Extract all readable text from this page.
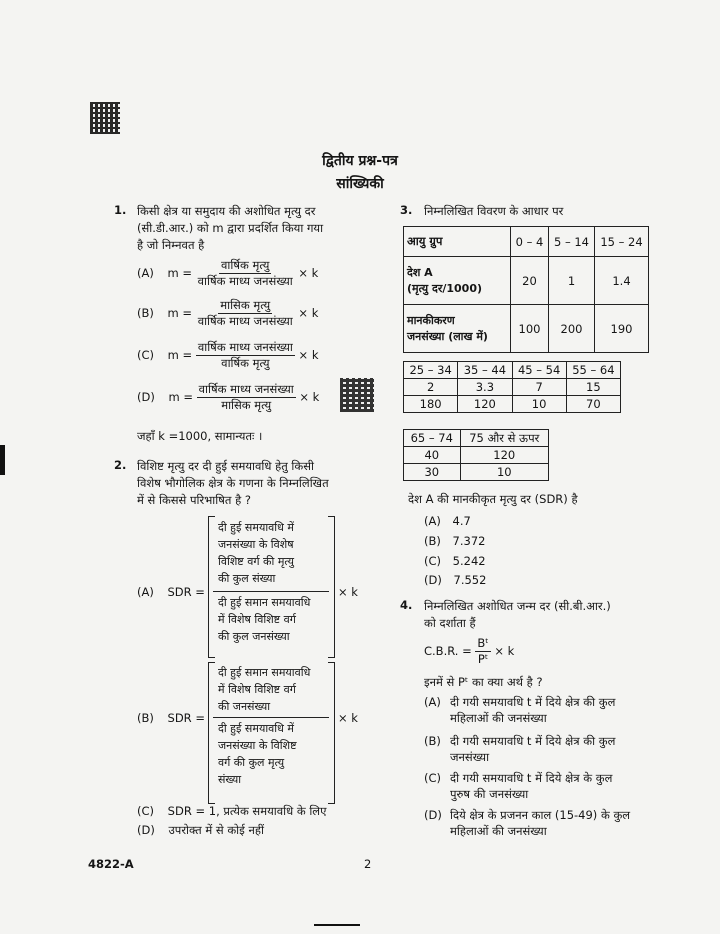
द्वितीय प्रश्न-पत्र
सांख्यिकी
1. किसी क्षेत्र या समुदाय की अशोधित मृत्यु दर
(सी.डी.आर.) को m द्वारा प्रदर्शित किया गया
है जो निम्नवत है
(A) $m = \frac{\text{वार्षिक मृत्यु}}{\text{वार्षिक माध्य जनसंख्या}} \times k$
(B) $m = \frac{\text{मासिक मृत्यु}}{\text{वार्षिक माध्य जनसंख्या}} \times k$
(C) $m = \frac{\text{वार्षिक माध्य जनसंख्या}}{\text{वार्षिक मृत्यु}} \times k$
(D) $m = \frac{\text{वार्षिक माध्य जनसंख्या}}{\text{मासिक मृत्यु}} \times k$
जहाँ k =1000, सामान्यतः ।
2. विशिष्ट मृत्यु दर दी हुई समयावधि हेतु किसी
विशेष भौगोलिक क्षेत्र के गणना के निम्नलिखित
में से किससे परिभाषित है ?
(A) SDR =
दी हुई समयावधि में
जनसंख्या के विशेष
विशिष्ट वर्ग की मृत्यु
की कुल संख्या
दी हुई समान समयावधि
में विशेष विशिष्ट वर्ग
की कुल जनसंख्या
× k
(B) SDR =
दी हुई समान समयावधि
में विशेष विशिष्ट वर्ग
की जनसंख्या
दी हुई समयावधि में
जनसंख्या के विशिष्ट
वर्ग की कुल मृत्यु
संख्या
× k
(C) SDR = 1, प्रत्येक समयावधि के लिए
(D) उपरोक्त में से कोई नहीं
3. निम्नलिखित विवरण के आधार पर
आयु ग्रुप	0 – 4	5 – 14	15 – 24

देश A
(मृत्यु दर/1000)	20	1	1.4

मानकीकरण
जनसंख्या (लाख में)	100	200	190
25 – 34	35 – 44	45 – 54	55 – 64
2	3.3	7	15
180	120	10	70
65 – 74	75 और से ऊपर
40	120
30	10
देश A की मानकीकृत मृत्यु दर (SDR) है
(A) 4.7
(B) 7.372
(C) 5.242
(D) 7.552
4. निम्नलिखित अशोधित जन्म दर (सी.बी.आर.)
को दर्शाता हैं
C.B.R. = $\frac{\text{Bᵗ}}{\text{Pᵗ}} \times k$
इनमें से Pᵗ का क्या अर्थ है ?
(A) दी गयी समयावधि t में दिये क्षेत्र की कुल
महिलाओं की जनसंख्या
(B) दी गयी समयावधि t में दिये क्षेत्र की कुल
जनसंख्या
(C) दी गयी समयावधि t में दिये क्षेत्र के कुल
पुरुष की जनसंख्या
(D) दिये क्षेत्र के प्रजनन काल (15-49) के कुल
महिलाओं की जनसंख्या
4822-A	2
